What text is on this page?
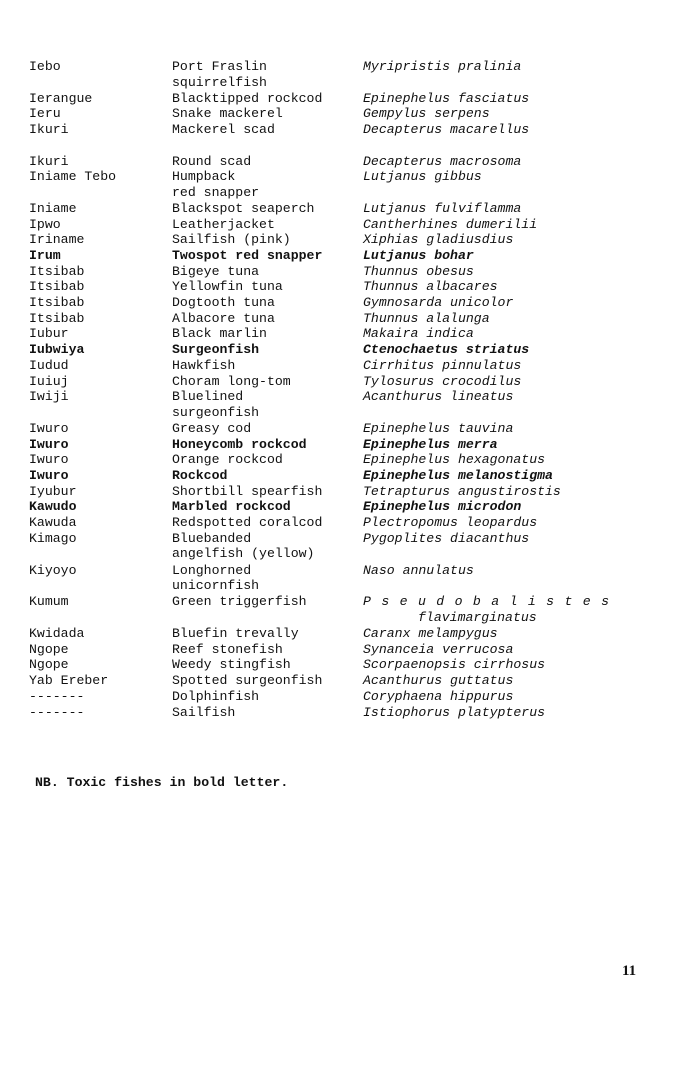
Iebo	Port Fraslin	Myripristis pralinia
squirrelfish
Ierangue	Blacktipped rockcod	Epinephelus fasciatus
Ieru	Snake mackerel	Gempylus serpens
Ikuri	Mackerel scad	Decapterus macarellus
Ikuri	Round scad	Decapterus macrosoma
Iniame Tebo	Humpback	Lutjanus gibbus
red snapper
Iniame	Blackspot seaperch	Lutjanus fulviflamma
Ipwo	Leatherjacket	Cantherhines dumerilii
Iriname	Sailfish (pink)	Xiphias gladiusdius
Irum	Twospot red snapper	Lutjanus bohar
Itsibab	Bigeye tuna	Thunnus obesus
Itsibab	Yellowfin tuna	Thunnus albacares
Itsibab	Dogtooth tuna	Gymnosarda unicolor
Itsibab	Albacore tuna	Thunnus alalunga
Iubur	Black marlin	Makaira indica
Iubwiya	Surgeonfish	Ctenochaetus striatus
Iudud	Hawkfish	Cirrhitus pinnulatus
Iuiuj	Choram long-tom	Tylosurus crocodilus
Iwiji	Bluelined	Acanthurus lineatus
surgeonfish
Iwuro	Greasy cod	Epinephelus tauvina
Iwuro	Honeycomb rockcod	Epinephelus merra
Iwuro	Orange rockcod	Epinephelus hexagonatus
Iwuro	Rockcod	Epinephelus melanostigma
Iyubur	Shortbill spearfish	Tetrapturus angustirostis
Kawudo	Marbled rockcod	Epinephelus microdon
Kawuda	Redspotted coralcod	Plectropomus leopardus
Kimago	Bluebanded	Pygoplites diacanthus
angelfish (yellow)
Kiyoyo	Longhorned	Naso annulatus
unicornfish
Kumum	Green triggerfish	Pseudobalistes
flavimarginatus
Kwidada	Bluefin trevally	Caranx melampygus
Ngope	Reef stonefish	Synanceia verrucosa
Ngope	Weedy stingfish	Scorpaenopsis cirrhosus
Yab Ereber	Spotted surgeonfish	Acanthurus guttatus
-------	Dolphinfish	Coryphaena hippurus
-------	Sailfish	Istiophorus platypterus
NB. Toxic fishes in bold letter.
11
